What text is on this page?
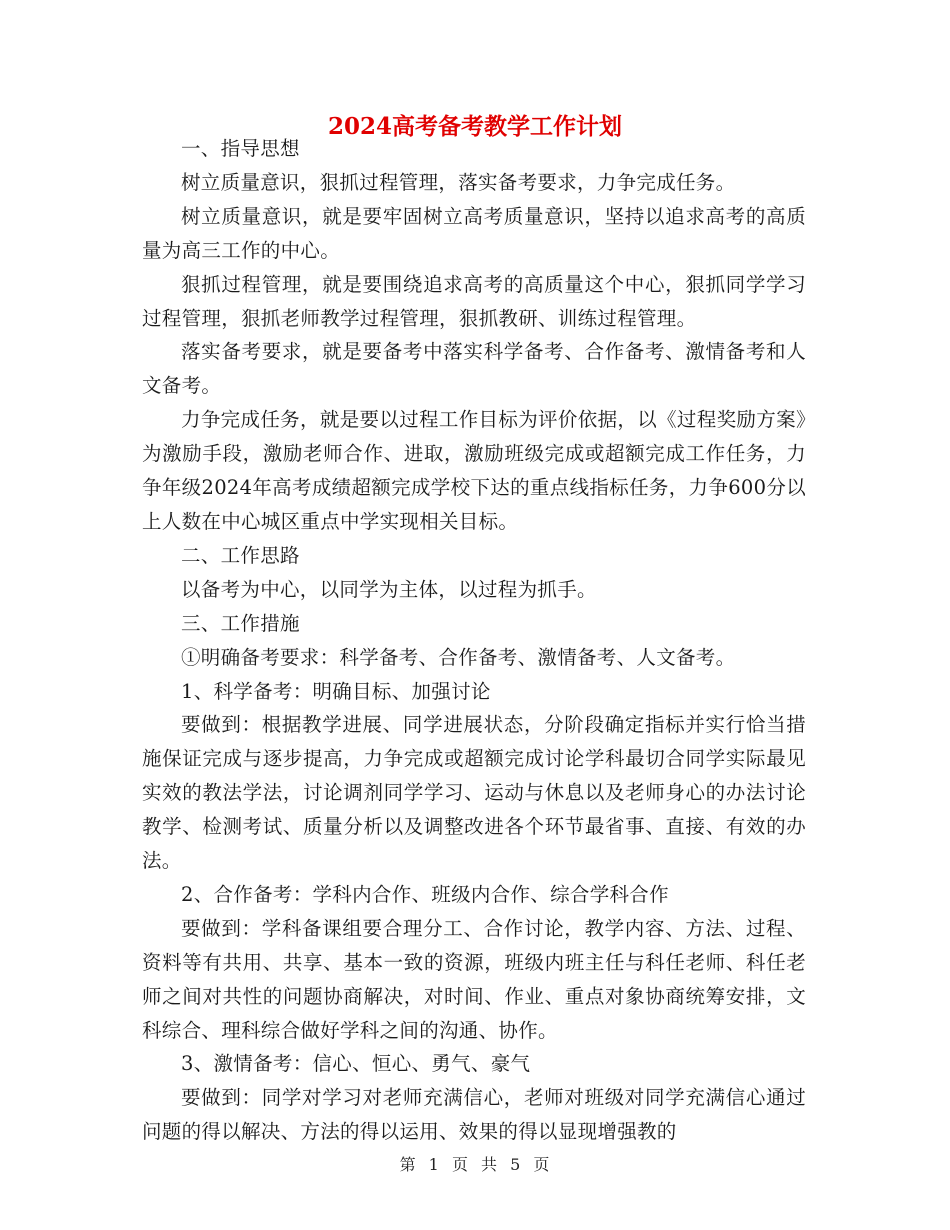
2024高考备考教学工作计划

一、指导思想

树立质量意识，狠抓过程管理，落实备考要求，力争完成任务。

树立质量意识，就是要牢固树立高考质量意识，坚持以追求高考的高质量为高三工作的中心。

狠抓过程管理，就是要围绕追求高考的高质量这个中心，狠抓同学学习过程管理，狠抓老师教学过程管理，狠抓教研、训练过程管理。

落实备考要求，就是要备考中落实科学备考、合作备考、激情备考和人文备考。

力争完成任务，就是要以过程工作目标为评价依据，以《过程奖励方案》为激励手段，激励老师合作、进取，激励班级完成或超额完成工作任务，力争年级2024年高考成绩超额完成学校下达的重点线指标任务，力争600分以上人数在中心城区重点中学实现相关目标。

二、工作思路

以备考为中心，以同学为主体，以过程为抓手。

三、工作措施

①明确备考要求：科学备考、合作备考、激情备考、人文备考。

1、科学备考：明确目标、加强讨论

要做到：根据教学进展、同学进展状态，分阶段确定指标并实行恰当措施保证完成与逐步提高，力争完成或超额完成讨论学科最切合同学实际最见实效的教法学法，讨论调剂同学学习、运动与休息以及老师身心的办法讨论教学、检测考试、质量分析以及调整改进各个环节最省事、直接、有效的办法。

2、合作备考：学科内合作、班级内合作、综合学科合作

要做到：学科备课组要合理分工、合作讨论，教学内容、方法、过程、资料等有共用、共享、基本一致的资源，班级内班主任与科任老师、科任老师之间对共性的问题协商解决，对时间、作业、重点对象协商统筹安排，文科综合、理科综合做好学科之间的沟通、协作。

3、激情备考：信心、恒心、勇气、豪气

要做到：同学对学习对老师充满信心，老师对班级对同学充满信心通过问题的得以解决、方法的得以运用、效果的得以显现增强教的

第 1 页 共 5 页
